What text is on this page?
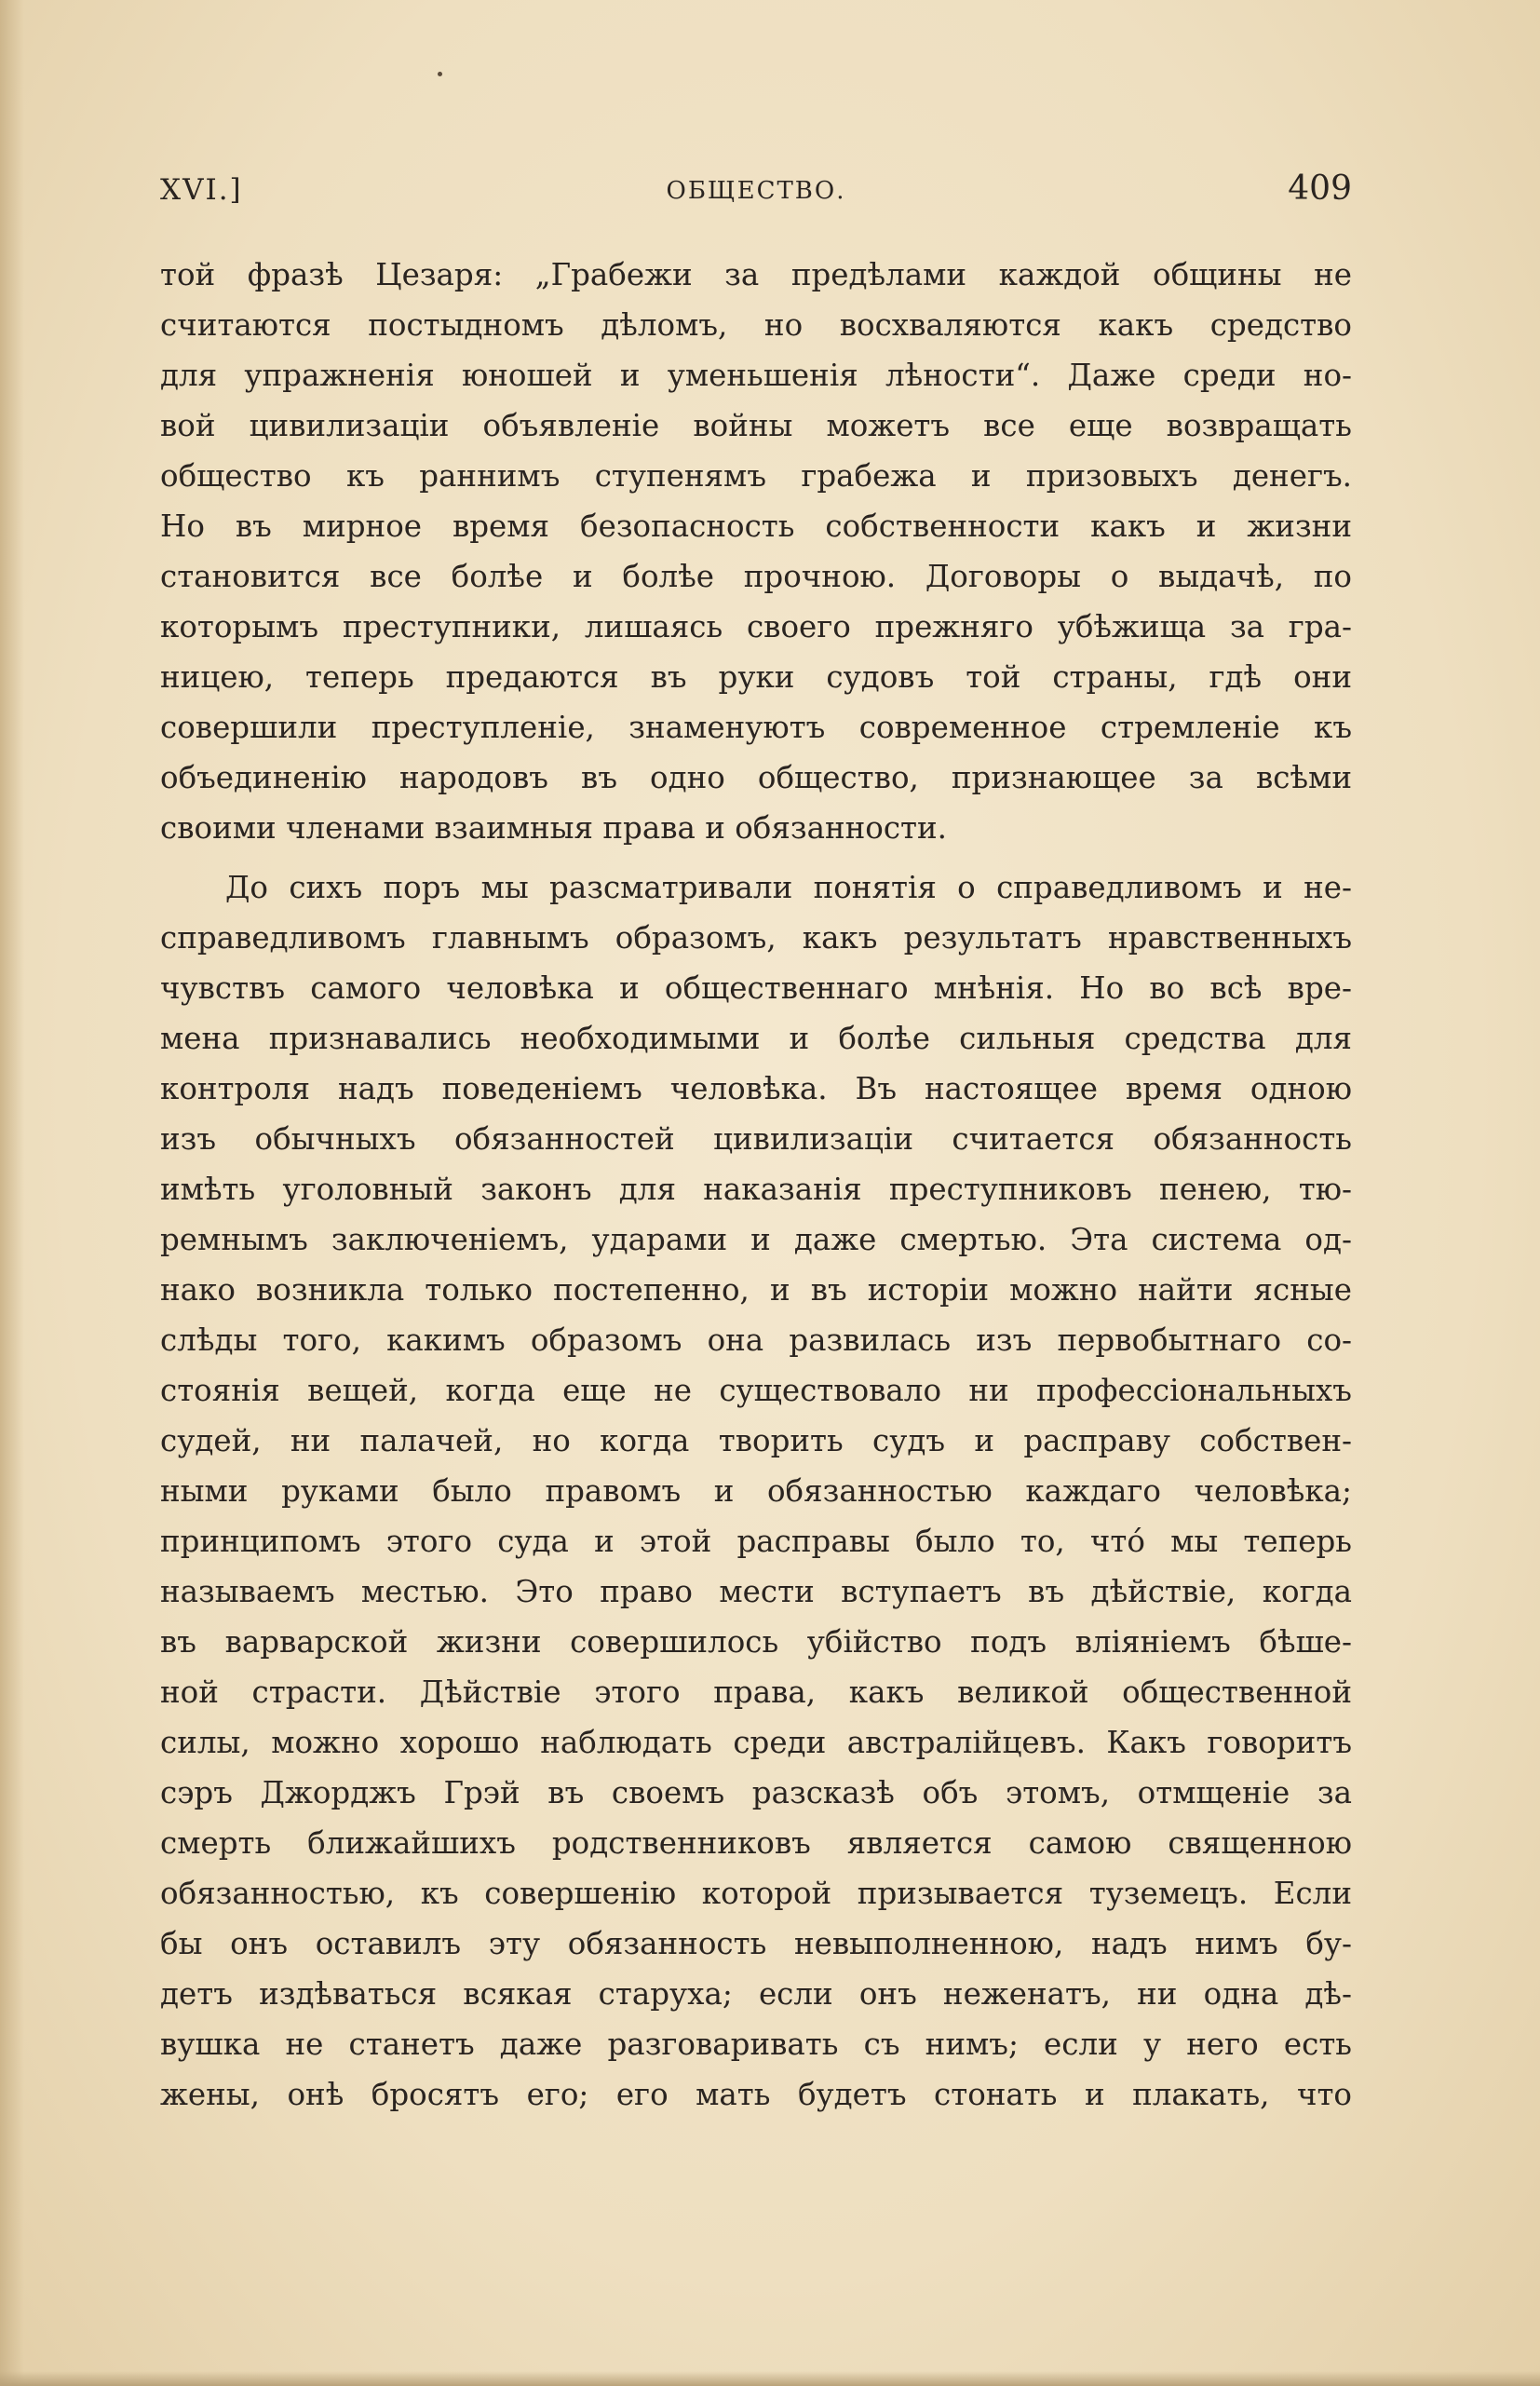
XVI.]	ОБЩЕСТВО.	409
той фразѣ Цезаря: „Грабежи за предѣлами каждой общины не
считаются постыдномъ дѣломъ, но восхваляются какъ средство
для упражненія юношей и уменьшенія лѣности“. Даже среди но-
вой цивилизаціи объявленіе войны можетъ все еще возвращать
общество къ раннимъ ступенямъ грабежа и призовыхъ денегъ.
Но въ мирное время безопасность собственности какъ и жизни
становится все болѣе и болѣе прочною. Договоры о выдачѣ, по
которымъ преступники, лишаясь своего прежняго убѣжища за гра-
ницею, теперь предаются въ руки судовъ той страны, гдѣ они
совершили преступленіе, знаменуютъ современное стремленіе къ
объединенію народовъ въ одно общество, признающее за всѣми
своими членами взаимныя права и обязанности.
До сихъ поръ мы разсматривали понятія о справедливомъ и не-
справедливомъ главнымъ образомъ, какъ результатъ нравственныхъ
чувствъ самого человѣка и общественнаго мнѣнія. Но во всѣ вре-
мена признавались необходимыми и болѣе сильныя средства для
контроля надъ поведеніемъ человѣка. Въ настоящее время одною
изъ обычныхъ обязанностей цивилизаціи считается обязанность
имѣть уголовный законъ для наказанія преступниковъ пенею, тю-
ремнымъ заключеніемъ, ударами и даже смертью. Эта система од-
нако возникла только постепенно, и въ исторіи можно найти ясные
слѣды того, какимъ образомъ она развилась изъ первобытнаго со-
стоянія вещей, когда еще не существовало ни профессіональныхъ
судей, ни палачей, но когда творить судъ и расправу собствен-
ными руками было правомъ и обязанностью каждаго человѣка;
принципомъ этого суда и этой расправы было то, что́ мы теперь
называемъ местью. Это право мести вступаетъ въ дѣйствіе, когда
въ варварской жизни совершилось убійство подъ вліяніемъ бѣше-
ной страсти. Дѣйствіе этого права, какъ великой общественной
силы, можно хорошо наблюдать среди австралійцевъ. Какъ говоритъ
сэръ Джорджъ Грэй въ своемъ разсказѣ объ этомъ, отмщеніе за
смерть ближайшихъ родственниковъ является самою священною
обязанностью, къ совершенію которой призывается туземецъ. Если
бы онъ оставилъ эту обязанность невыполненною, надъ нимъ бу-
детъ издѣваться всякая старуха; если онъ неженатъ, ни одна дѣ-
вушка не станетъ даже разговаривать съ нимъ; если у него есть
жены, онѣ бросятъ его; его мать будетъ стонать и плакать, что
